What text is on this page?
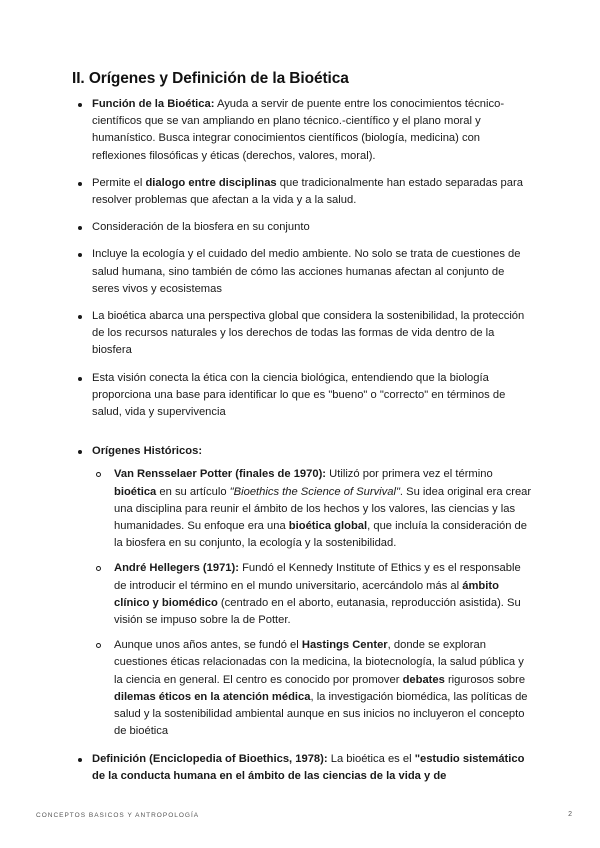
II. Orígenes y Definición de la Bioética
Función de la Bioética: Ayuda a servir de puente entre los conocimientos técnico-científicos que se van ampliando en plano técnico.-científico y el plano moral y humanístico. Busca integrar conocimientos científicos (biología, medicina) con reflexiones filosóficas y éticas (derechos, valores, moral).
Permite el dialogo entre disciplinas que tradicionalmente han estado separadas para resolver problemas que afectan a la vida y a la salud.
Consideración de la biosfera en su conjunto
Incluye la ecología y el cuidado del medio ambiente. No solo se trata de cuestiones de salud humana, sino también de cómo las acciones humanas afectan al conjunto de seres vivos y ecosistemas
La bioética abarca una perspectiva global que considera la sostenibilidad, la protección de los recursos naturales y los derechos de todas las formas de vida dentro de la biosfera
Esta visión conecta la ética con la ciencia biológica, entendiendo que la biología proporciona una base para identificar lo que es "bueno" o "correcto" en términos de salud, vida y supervivencia
Orígenes Históricos:
Van Rensselaer Potter (finales de 1970): Utilizó por primera vez el término bioética en su artículo "Bioethics the Science of Survival". Su idea original era crear una disciplina para reunir el ámbito de los hechos y los valores, las ciencias y las humanidades. Su enfoque era una bioética global, que incluía la consideración de la biosfera en su conjunto, la ecología y la sostenibilidad.
André Hellegers (1971): Fundó el Kennedy Institute of Ethics y es el responsable de introducir el término en el mundo universitario, acercándolo más al ámbito clínico y biomédico (centrado en el aborto, eutanasia, reproducción asistida). Su visión se impuso sobre la de Potter.
Aunque unos años antes, se fundó el Hastings Center, donde se exploran cuestiones éticas relacionadas con la medicina, la biotecnología, la salud pública y la ciencia en general. El centro es conocido por promover debates rigurosos sobre dilemas éticos en la atención médica, la investigación biomédica, las políticas de salud y la sostenibilidad ambiental aunque en sus inicios no incluyeron el concepto de bioética
Definición (Enciclopedia of Bioethics, 1978): La bioética es el "estudio sistemático de la conducta humana en el ámbito de las ciencias de la vida y de
CONCEPTOS BASICOS Y ANTROPOLOGÍA	2
